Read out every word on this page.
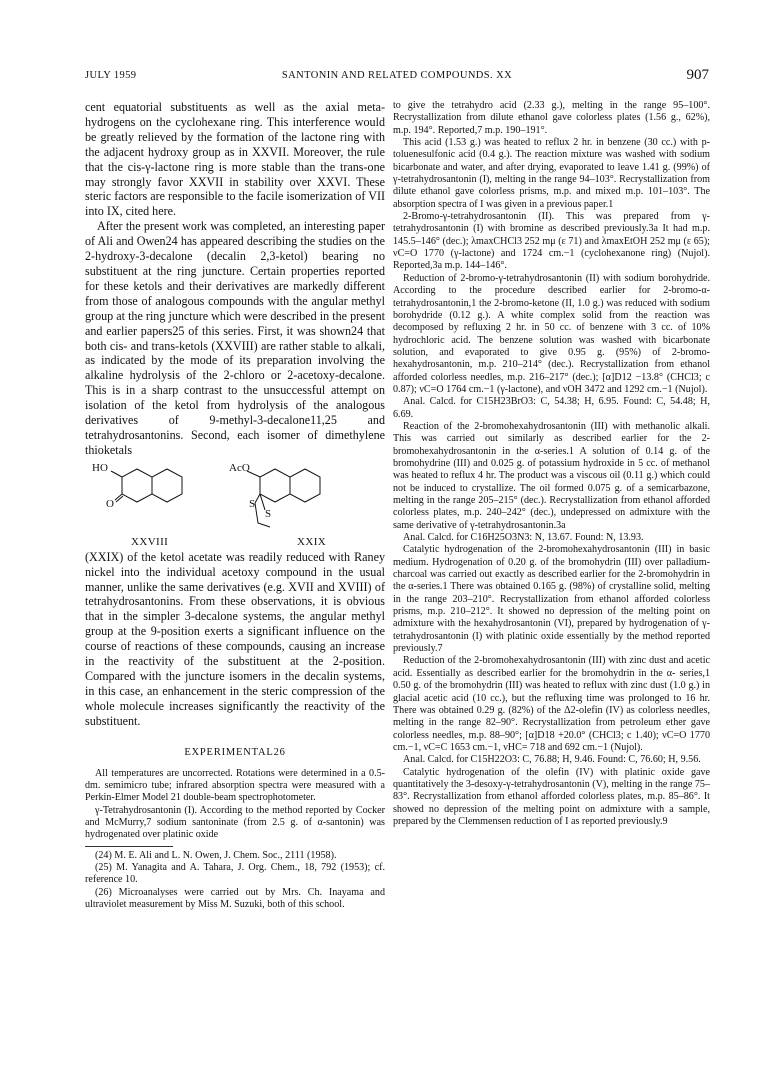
JULY 1959	SANTONIN AND RELATED COMPOUNDS. XX	907

cent equatorial substituents as well as the axial meta-hydrogens on the cyclohexane ring. This interference would be greatly relieved by the formation of the lactone ring with the adjacent hydroxy group as in XXVII. Moreover, the rule that the cis-γ-lactone ring is more stable than the trans-one may strongly favor XXVII in stability over XXVI. These steric factors are responsible to the facile isomerization of VII into IX, cited here.

After the present work was completed, an interesting paper of Ali and Owen24 has appeared describing the studies on the 2-hydroxy-3-decalone (decalin 2,3-ketol) bearing no substituent at the ring juncture. Certain properties reported for these ketols and their derivatives are markedly different from those of analogous compounds with the angular methyl group at the ring juncture which were described in the present and earlier papers25 of this series. First, it was shown24 that both cis- and trans-ketols (XXVIII) are rather stable to alkali, as indicated by the mode of its preparation involving the alkaline hydrolysis of the 2-chloro or 2-acetoxy-decalone. This is in a sharp contrast to the unsuccessful attempt on isolation of the ketol from hydrolysis of the analogous derivatives of 9-methyl-3-decalone11,25 and tetrahydrosantonins. Second, each isomer of dimethylene thioketals

HO
O
XXVIII
AcO
S
S
XXIX

(XXIX) of the ketol acetate was readily reduced with Raney nickel into the individual acetoxy compound in the usual manner, unlike the same derivatives (e.g. XVII and XVIII) of tetrahydrosantonins. From these observations, it is obvious that in the simpler 3-decalone systems, the angular methyl group at the 9-position exerts a significant influence on the course of reactions of these compounds, causing an increase in the reactivity of the substituent at the 2-position. Compared with the juncture isomers in the decalin systems, in this case, an enhancement in the steric compression of the whole molecule increases significantly the reactivity of the substituent.

EXPERIMENTAL26

All temperatures are uncorrected. Rotations were determined in a 0.5-dm. semimicro tube; infrared absorption spectra were measured with a Perkin-Elmer Model 21 double-beam spectrophotometer.

γ-Tetrahydrosantonin (I). According to the method reported by Cocker and McMurry,7 sodium santoninate (from 2.5 g. of α-santonin) was hydrogenated over platinic oxide

(24) M. E. Ali and L. N. Owen, J. Chem. Soc., 2111 (1958).

(25) M. Yanagita and A. Tahara, J. Org. Chem., 18, 792 (1953); cf. reference 10.

(26) Microanalyses were carried out by Mrs. Ch. Inayama and ultraviolet measurement by Miss M. Suzuki, both of this school.

to give the tetrahydro acid (2.33 g.), melting in the range 95–100°. Recrystallization from dilute ethanol gave colorless plates (1.56 g., 62%), m.p. 194°. Reported,7 m.p. 190–191°.

This acid (1.53 g.) was heated to reflux 2 hr. in benzene (30 cc.) with p-toluenesulfonic acid (0.4 g.). The reaction mixture was washed with sodium bicarbonate and water, and after drying, evaporated to leave 1.41 g. (99%) of γ-tetrahydrosantonin (I), melting in the range 94–103°. Recrystallization from dilute ethanol gave colorless prisms, m.p. and mixed m.p. 101–103°. The absorption spectra of I was given in a previous paper.1

2-Bromo-γ-tetrahydrosantonin (II). This was prepared from γ-tetrahydrosantonin (I) with bromine as described previously.3a It had m.p. 145.5–146° (dec.); λmaxCHCl3 252 mμ (ε 71) and λmaxEtOH 252 mμ (ε 65); νC=O 1770 (γ-lactone) and 1724 cm.−1 (cyclohexanone ring) (Nujol). Reported,3a m.p. 144–146°.

Reduction of 2-bromo-γ-tetrahydrosantonin (II) with sodium borohydride. According to the procedure described earlier for 2-bromo-α-tetrahydrosantonin,1 the 2-bromo-ketone (II, 1.0 g.) was reduced with sodium borohydride (0.12 g.). A white complex solid from the reaction was decomposed by refluxing 2 hr. in 50 cc. of benzene with 3 cc. of 10% hydrochloric acid. The benzene solution was washed with bicarbonate solution, and evaporated to give 0.95 g. (95%) of 2-bromo-hexahydrosantonin, m.p. 210–214° (dec.). Recrystallization from ethanol afforded colorless needles, m.p. 216–217° (dec.); [α]D12 −13.8° (CHCl3; c 0.87); νC=O 1764 cm.−1 (γ-lactone), and νOH 3472 and 1292 cm.−1 (Nujol).

Anal. Calcd. for C15H23BrO3: C, 54.38; H, 6.95. Found: C, 54.48; H, 6.69.

Reaction of the 2-bromohexahydrosantonin (III) with methanolic alkali. This was carried out similarly as described earlier for the 2-bromohexahydrosantonin in the α-series.1 A solution of 0.14 g. of the bromohydrine (III) and 0.025 g. of potassium hydroxide in 5 cc. of methanol was heated to reflux 4 hr. The product was a viscous oil (0.11 g.) which could not be induced to crystallize. The oil formed 0.075 g. of a semicarbazone, melting in the range 205–215° (dec.). Recrystallization from ethanol afforded colorless plates, m.p. 240–242° (dec.), undepressed on admixture with the same derivative of γ-tetrahydrosantonin.3a

Anal. Calcd. for C16H25O3N3: N, 13.67. Found: N, 13.93.

Catalytic hydrogenation of the 2-bromohexahydrosantonin (III) in basic medium. Hydrogenation of 0.20 g. of the bromohydrin (III) over palladium-charcoal was carried out exactly as described earlier for the 2-bromohydrin in the α-series.1 There was obtained 0.165 g. (98%) of crystalline solid, melting in the range 203–210°. Recrystallization from ethanol afforded colorless prisms, m.p. 210–212°. It showed no depression of the melting point on admixture with the hexahydrosantonin (VI), prepared by hydrogenation of γ-tetrahydrosantonin (I) with platinic oxide essentially by the method reported previously.7

Reduction of the 2-bromohexahydrosantonin (III) with zinc dust and acetic acid. Essentially as described earlier for the bromohydrin in the α- series,1 0.50 g. of the bromohydrin (III) was heated to reflux with zinc dust (1.0 g.) in glacial acetic acid (10 cc.), but the refluxing time was prolonged to 16 hr. There was obtained 0.29 g. (82%) of the Δ2-olefin (IV) as colorless needles, melting in the range 82–90°. Recrystallization from petroleum ether gave colorless needles, m.p. 88–90°; [α]D18 +20.0° (CHCl3; c 1.40); νC=O 1770 cm.−1, νC=C 1653 cm.−1, νHC= 718 and 692 cm.−1 (Nujol).

Anal. Calcd. for C15H22O3: C, 76.88; H, 9.46. Found: C, 76.60; H, 9.56.

Catalytic hydrogenation of the olefin (IV) with platinic oxide gave quantitatively the 3-desoxy-γ-tetrahydrosantonin (V), melting in the range 75–83°. Recrystallization from ethanol afforded colorless plates, m.p. 85–86°. It showed no depression of the melting point on admixture with a sample, prepared by the Clemmensen reduction of I as reported previously.9
